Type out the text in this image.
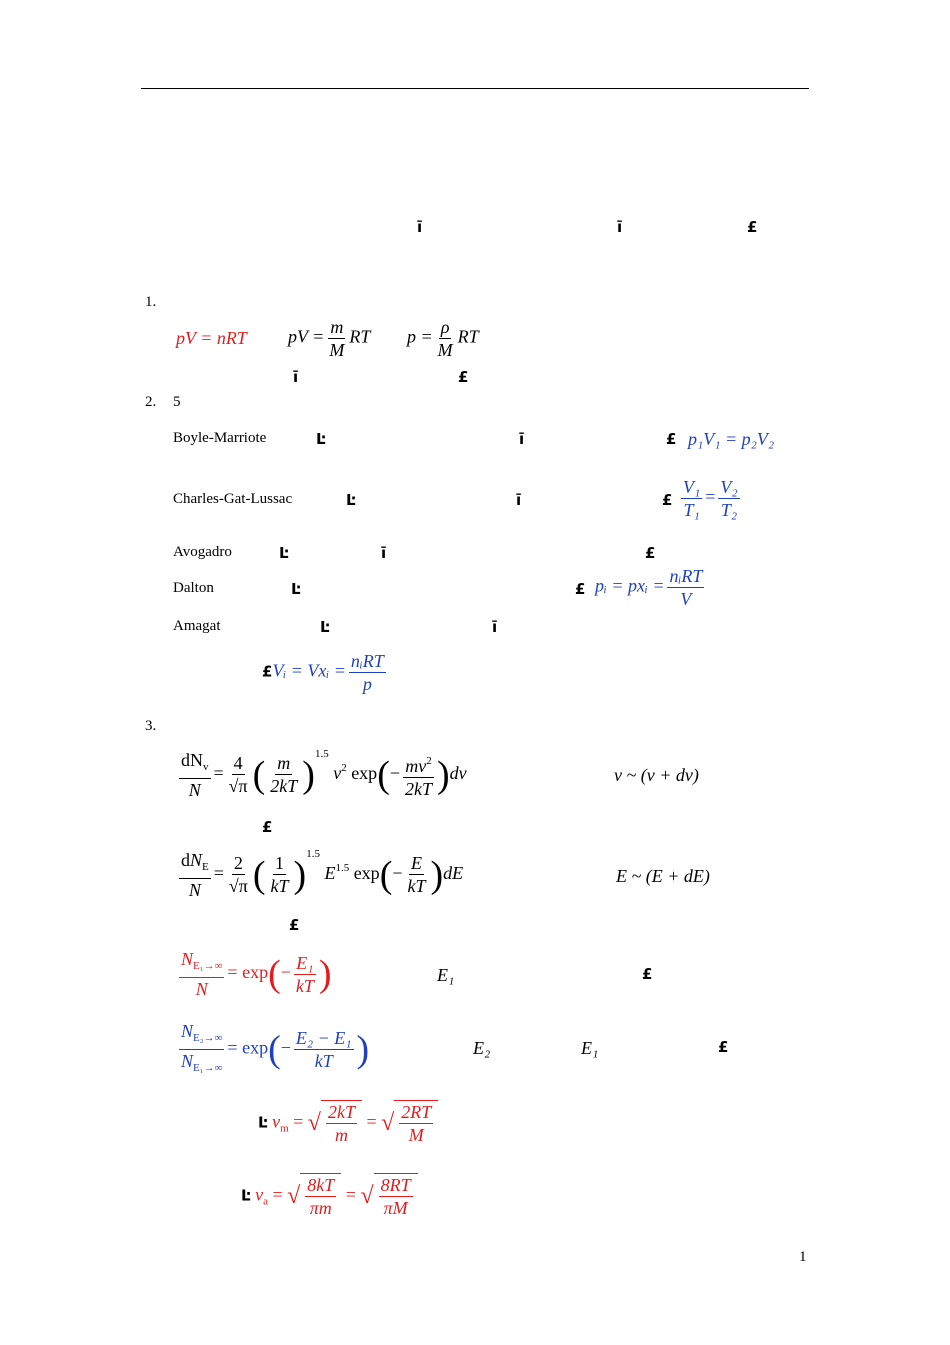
ī	ī	£
1.
pV = nRT pV = $\frac{m}{M}$ RT $p = \frac{\rho}{M}$ RT
ī	£
2. 5
Boyle-Marriote	Ŀ	ī	£ p₁V₁ = p₂V₂
Charles-Gat-Lussac	Ŀ	ī	£ $\frac{\text{V₁}}{\text{T₁}} = \frac{\text{V₂}}{\text{T₂}}$
Avogadro	Ŀ	ī	£
Dalton	Ŀ	£ pᵢ = pxᵢ = $\frac{\text{nᵢRT}}{V}$
Amagat	Ŀ	ī
£Vᵢ = Vxᵢ = $\frac{\text{nᵢRT}}{p}$
3.
$\frac{dN_v}{N} = \frac{4}{√\pi}$ ( $\frac{m}{2kT} )^{1.5}$ $v^2$ $\exp(- \frac{mv^2}{2kT} )dv$	v ~ (v + dv)
£
$\frac{dN_E}{N} = \frac{2}{√\pi}$ ( $\frac{1}{kT} )^{1.5}$ $E^{1.5}$ $\exp(- \frac{E}{kT} )dE$	E ~ (E + dE)
£
$\frac{N_{E_1\to\infty}}{N} = \exp(- \frac{\text{E₁}}{kT}$ )	E₁	£
$\frac{N_{E_2\to\infty}}{N_{E_1\to\infty}} = \exp(- \frac{\text{E₂ − E₁}}{kT}$ )	E₂	E₁	£
Ŀ $v_m$ = √ $\frac{2kT}{m}$ = √ $\frac{2RT}{M}$
Ŀ $v_a$ = √ $\frac{8kT}{\pi m}$ = √ $\frac{8RT}{\pi M}$
1
